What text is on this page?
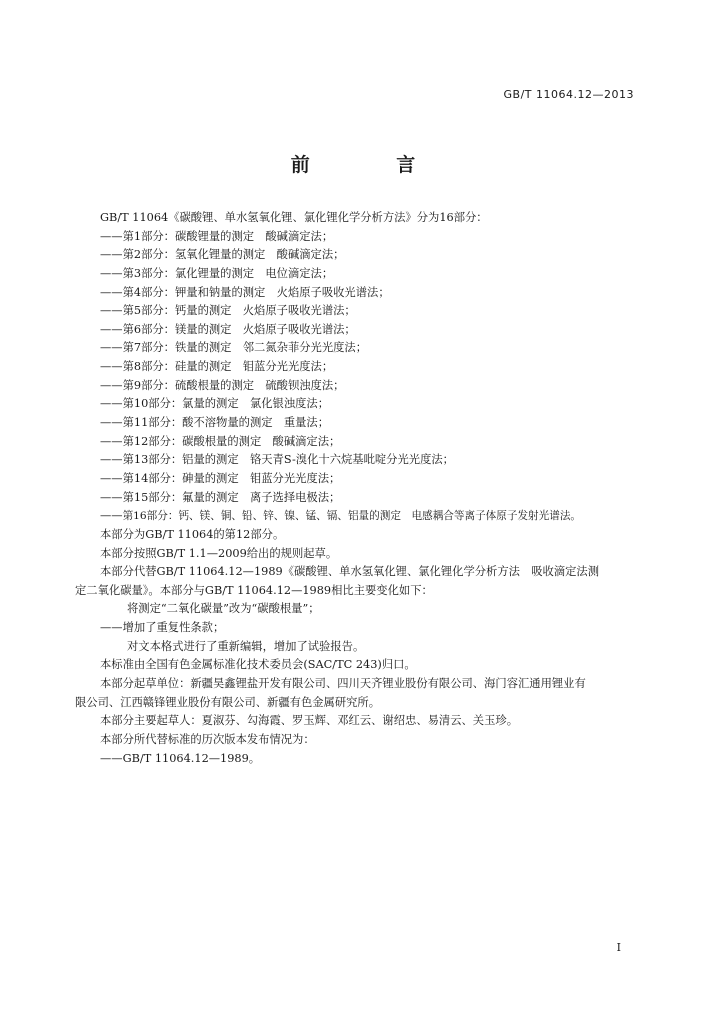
GB/T 11064.12—2013
前 言
GB/T 11064《碳酸锂、单水氢氧化锂、氯化锂化学分析方法》分为16部分：
——第1部分：碳酸锂量的测定　酸碱滴定法；
——第2部分：氢氧化锂量的测定　酸碱滴定法；
——第3部分：氯化锂量的测定　电位滴定法；
——第4部分：钾量和钠量的测定　火焰原子吸收光谱法；
——第5部分：钙量的测定　火焰原子吸收光谱法；
——第6部分：镁量的测定　火焰原子吸收光谱法；
——第7部分：铁量的测定　邻二氮杂菲分光光度法；
——第8部分：硅量的测定　钼蓝分光光度法；
——第9部分：硫酸根量的测定　硫酸钡浊度法；
——第10部分：氯量的测定　氯化银浊度法；
——第11部分：酸不溶物量的测定　重量法；
——第12部分：碳酸根量的测定　酸碱滴定法；
——第13部分：铝量的测定　铬天青S-溴化十六烷基吡啶分光光度法；
——第14部分：砷量的测定　钼蓝分光光度法；
——第15部分：氟量的测定　离子选择电极法；
——第16部分：钙、镁、铜、铅、锌、镍、锰、镉、铝量的测定　电感耦合等离子体原子发射光谱法。
本部分为GB/T 11064的第12部分。
本部分按照GB/T 1.1—2009给出的规则起草。
本部分代替GB/T 11064.12—1989《碳酸锂、单水氢氧化锂、氯化锂化学分析方法　吸收滴定法测
定二氧化碳量》。本部分与GB/T 11064.12—1989相比主要变化如下：
将测定“二氧化碳量”改为“碳酸根量”；
——增加了重复性条款；
对文本格式进行了重新编辑，增加了试验报告。
本标准由全国有色金属标准化技术委员会(SAC/TC 243)归口。
本部分起草单位：新疆昊鑫锂盐开发有限公司、四川天齐锂业股份有限公司、海门容汇通用锂业有
限公司、江西赣锋锂业股份有限公司、新疆有色金属研究所。
本部分主要起草人：夏淑芬、勾海霞、罗玉辉、邓红云、谢绍忠、易清云、关玉珍。
本部分所代替标准的历次版本发布情况为：
——GB/T 11064.12—1989。
I
